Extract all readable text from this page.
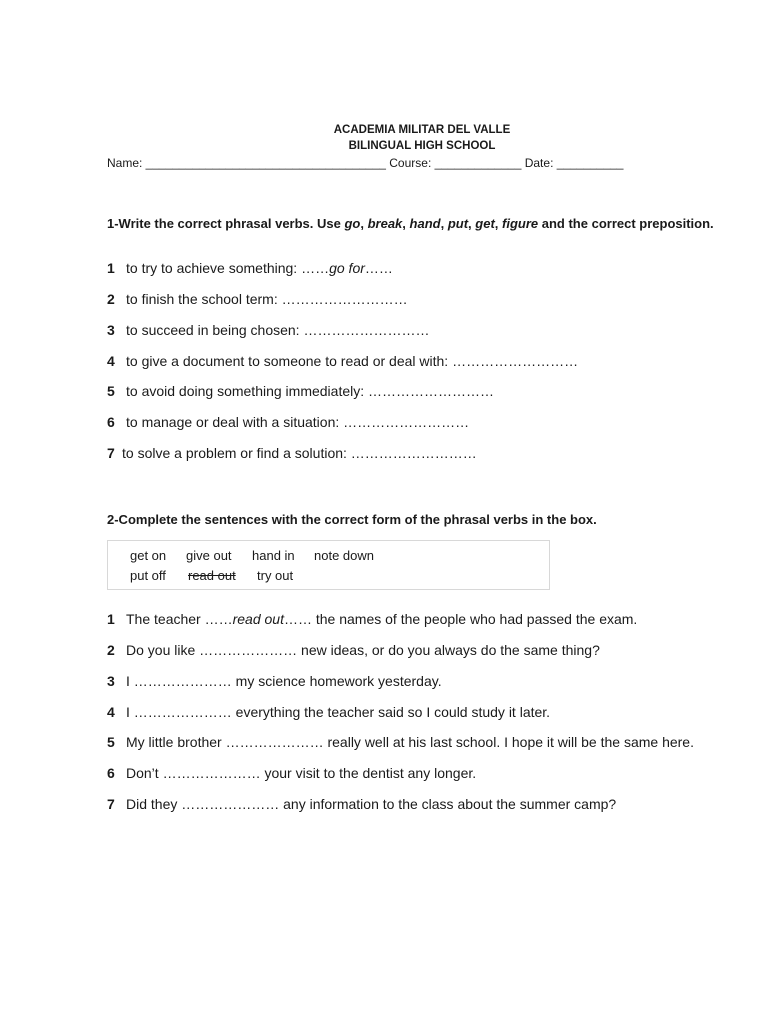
ACADEMIA MILITAR DEL VALLE
BILINGUAL HIGH SCHOOL
Name: ____________________________________ Course: _____________ Date: __________
1-Write the correct phrasal verbs. Use go, break, hand, put, get, figure and the correct preposition.
1 to try to achieve something: ……go for……
2 to finish the school term: ………………………
3 to succeed in being chosen: ………………………
4 to give a document to someone to read or deal with: ………………………
5 to avoid doing something immediately: ………………………
6 to manage or deal with a situation: ………………………
7 to solve a problem or find a solution: ………………………
2-Complete the sentences with the correct form of the phrasal verbs in the box.
get on give out hand in note down
put off read out try out
1 The teacher ……read out…… the names of the people who had passed the exam.
2 Do you like ………………… new ideas, or do you always do the same thing?
3 I ………………… my science homework yesterday.
4 I ………………… everything the teacher said so I could study it later.
5 My little brother ………………… really well at his last school. I hope it will be the same here.
6 Don’t ………………… your visit to the dentist any longer.
7 Did they ………………… any information to the class about the summer camp?
